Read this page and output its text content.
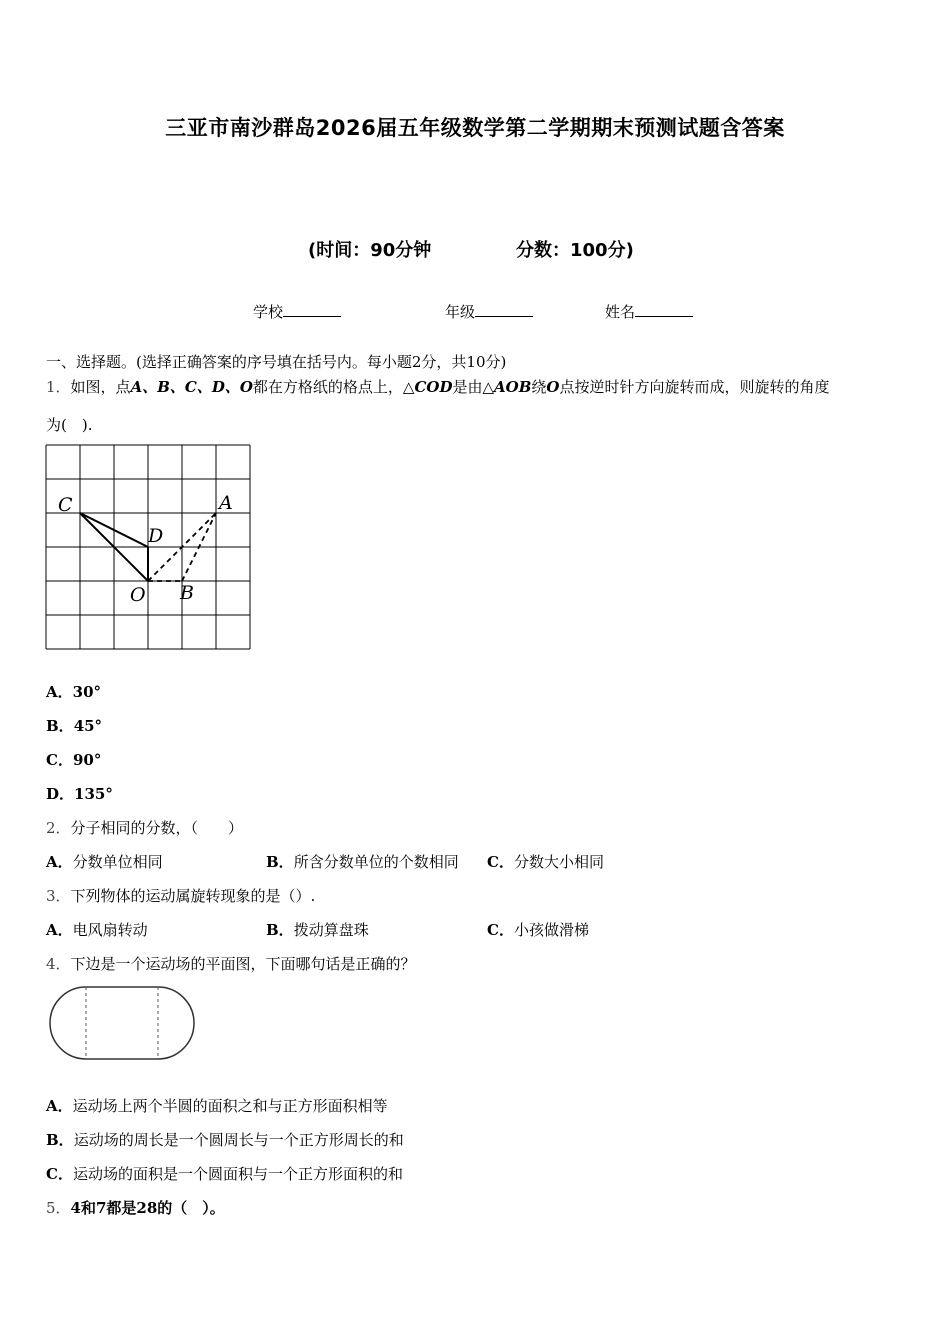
三亚市南沙群岛2026届五年级数学第二学期期末预测试题含答案
(时间：90分钟	分数：100分)
学校	年级	姓名
一、选择题。(选择正确答案的序号填在括号内。每小题2分，共10分)
1．如图，点A、B、C、D、O都在方格纸的格点上，△COD是由△AOB绕O点按逆时针方向旋转而成，则旋转的角度
为(　).
C
D
A
O B
A．30°
B．45°
C．90°
D．135°
2．分子相同的分数，（　　）
A．分数单位相同	B．所含分数单位的个数相同 C．分数大小相同
3．下列物体的运动属旋转现象的是（）.
A．电风扇转动	B．拨动算盘珠	C．小孩做滑梯
4．下边是一个运动场的平面图，下面哪句话是正确的？
A．运动场上两个半圆的面积之和与正方形面积相等
B．运动场的周长是一个圆周长与一个正方形周长的和
C．运动场的面积是一个圆面积与一个正方形面积的和
5．4和7都是28的（　）。
